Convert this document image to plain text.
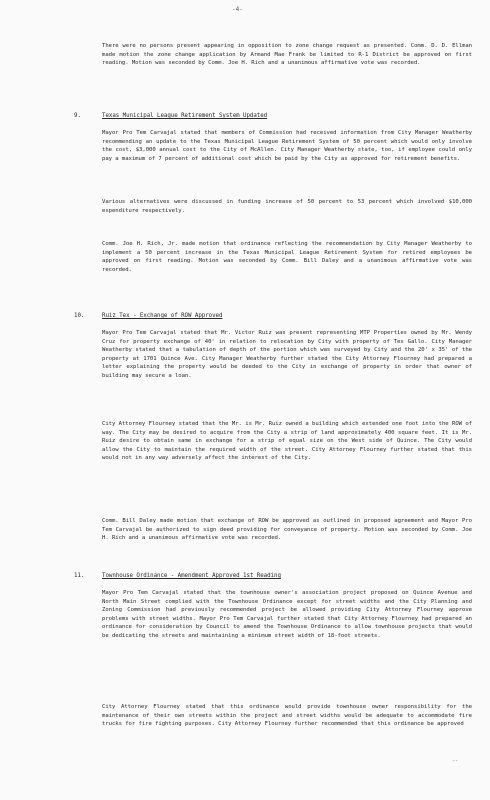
-4-

There were no persons present appearing in opposition to zone change request as presented. Comm. D. D. Ellman made motion the zone change application by Armand Mae Frank be limited to R-1 District be approved on first reading. Motion was seconded by Comm. Joe H. Rich and a unanimous affirmative vote was recorded.

9.	Texas Municipal League Retirement System Updated

Mayor Pro Tem Carvajal stated that members of Commission had received information from City Manager Weatherby recommending an update to the Texas Municipal League Retirement System of 50 percent which would only involve the cost, $3,000 annual cost to the City of McAllen. City Manager Weatherby state, too, if employee could only pay a maximum of 7 percent of additional cost which be paid by the City as approved for retirement benefits.

Various alternatives were discussed in funding increase of 50 percent to 53 percent which involved $10,000 expenditure respectively.

Comm. Joe H. Rich, Jr. made motion that ordinance reflecting the recommendation by City Manager Weatherby to implement a 50 percent increase in the Texas Municipal League Retirement System for retired employees be approved on first reading. Motion was seconded by Comm. Bill Daley and a unanimous affirmative vote was recorded.

10.	Ruiz Tex - Exchange of ROW Approved

Mayor Pro Tem Carvajal stated that Mr. Victor Ruiz was present representing MTP Properties owned by Mr. Wendy Cruz for property exchange of 40' in relation to relocation by City with property of Tex Gallo. City Manager Weatherby stated that a tabulation of depth of the portion which was surveyed by City and the 20' x 35' of the property at 1701 Quince Ave. City Manager Weatherby further stated the City Attorney Flourney had prepared a letter explaining the property would be deeded to the City in exchange of property in order that owner of building may secure a loan.

City Attorney Flourney stated that the Mr. is Mr. Ruiz owned a building which extended one foot into the ROW of way. The City may be desired to acquire from the City a strip of land approximately 400 square feet. It is Mr. Ruiz desire to obtain same in exchange for a strip of equal size on the West side of Quince. The City would allow the City to maintain the required width of the street. City Attorney Flourney further stated that this would not in any way adversely affect the interest of the City.

Comm. Bill Daley made motion that exchange of ROW be approved as outlined in proposed agreement and Mayor Pro Tem Carvajal be authorized to sign deed providing for conveyance of property. Motion was seconded by Comm. Joe H. Rich and a unanimous affirmative vote was recorded.

11.	Townhouse Ordinance - Amendment Approved 1st Reading

Mayor Pro Tem Carvajal stated that the townhouse owner's association project proposed on Quince Avenue and North Main Street complied with the Townhouse Ordinance except for street widths and the City Planning and Zoning Commission had previously recommended project be allowed providing City Attorney Flourney approve problems with street widths. Mayor Pro Tem Carvajal further stated that City Attorney Flourney had prepared an ordinance for consideration by Council to amend the Townhouse Ordinance to allow townhouse projects that would be dedicating the streets and maintaining a minimum street width of 18-foot streets.

City Attorney Flourney stated that this ordinance would provide townhouse owner responsibility for the maintenance of their own streets within the project and street widths would be adequate to accommodate fire trucks for fire fighting purposes. City Attorney Flourney further recommended that this ordinance be approved

--
